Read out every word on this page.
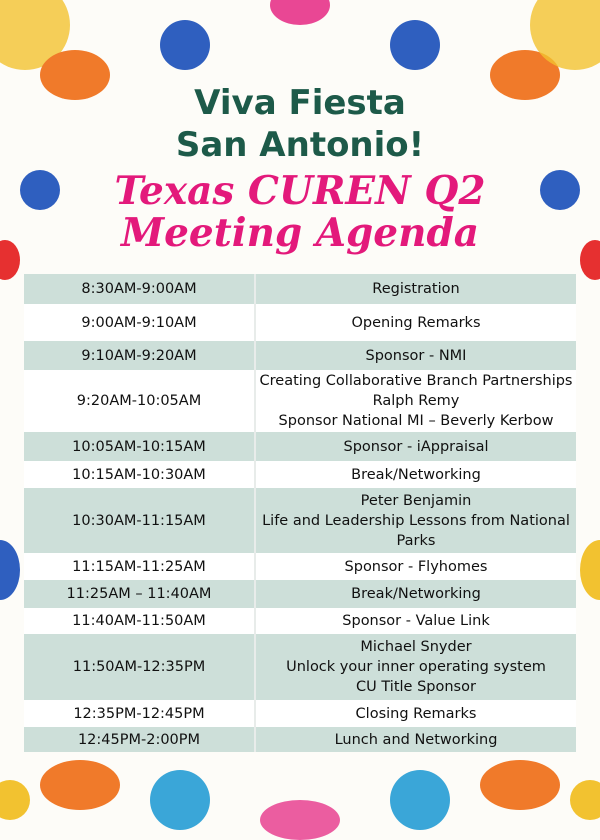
Viva Fiesta
San Antonio!
Texas CUREN Q2
Meeting Agenda
8:30AM-9:00AM	Registration

9:00AM-9:10AM	Opening Remarks

9:10AM-9:20AM	Sponsor - NMI

9:20AM-10:05AM	Creating Collaborative Branch Partnerships
Ralph Remy
Sponsor National MI – Beverly Kerbow

10:05AM-10:15AM	Sponsor - iAppraisal

10:15AM-10:30AM	Break/Networking

10:30AM-11:15AM	Peter Benjamin
Life and Leadership Lessons from National Parks

11:15AM-11:25AM	Sponsor - Flyhomes

11:25AM – 11:40AM	Break/Networking

11:40AM-11:50AM	Sponsor - Value Link

11:50AM-12:35PM	Michael Snyder
Unlock your inner operating system
CU Title Sponsor

12:35PM-12:45PM	Closing Remarks

12:45PM-2:00PM	Lunch and Networking
